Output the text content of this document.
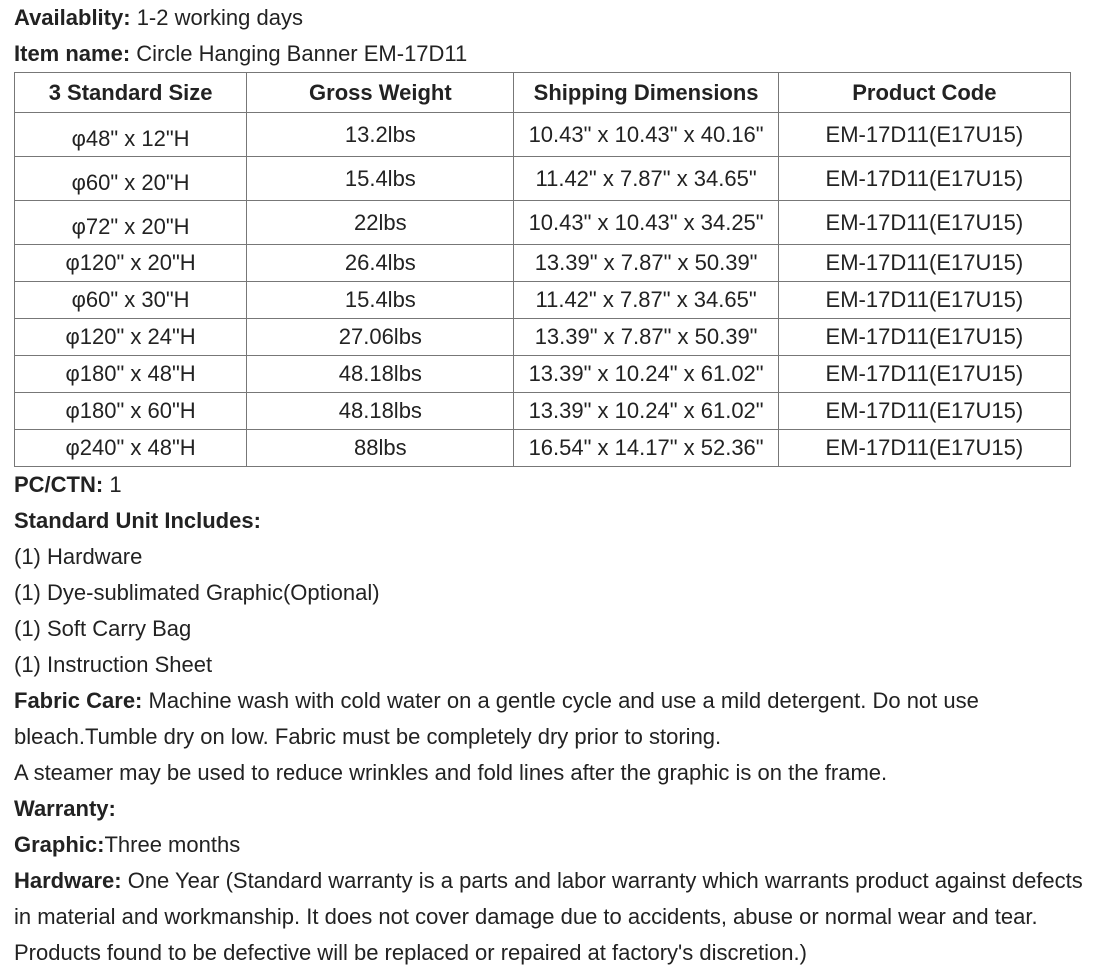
Availablity: 1-2 working days
Item name: Circle Hanging Banner EM-17D11
3 Standard Size	Gross Weight	Shipping Dimensions	Product Code
φ48" x 12"H	13.2lbs	10.43" x 10.43" x 40.16"	EM-17D11(E17U15)
φ60" x 20"H	15.4lbs	11.42" x 7.87" x 34.65"	EM-17D11(E17U15)
φ72" x 20"H	22lbs	10.43" x 10.43" x 34.25"	EM-17D11(E17U15)
φ120" x 20"H	26.4lbs	13.39" x 7.87" x 50.39"	EM-17D11(E17U15)
φ60" x 30"H	15.4lbs	11.42" x 7.87" x 34.65"	EM-17D11(E17U15)
φ120" x 24"H	27.06lbs	13.39" x 7.87" x 50.39"	EM-17D11(E17U15)
φ180" x 48"H	48.18lbs	13.39" x 10.24" x 61.02"	EM-17D11(E17U15)
φ180" x 60"H	48.18lbs	13.39" x 10.24" x 61.02"	EM-17D11(E17U15)
φ240" x 48"H	88lbs	16.54" x 14.17" x 52.36"	EM-17D11(E17U15)
PC/CTN: 1
Standard Unit Includes:
(1) Hardware
(1) Dye-sublimated Graphic(Optional)
(1) Soft Carry Bag
(1) Instruction Sheet
Fabric Care: Machine wash with cold water on a gentle cycle and use a mild detergent. Do not use bleach.Tumble dry on low. Fabric must be completely dry prior to storing.
A steamer may be used to reduce wrinkles and fold lines after the graphic is on the frame.
Warranty:
Graphic:Three months
Hardware: One Year (Standard warranty is a parts and labor warranty which warrants product against defects in material and workmanship. It does not cover damage due to accidents, abuse or normal wear and tear. Products found to be defective will be replaced or repaired at factory's discretion.)
